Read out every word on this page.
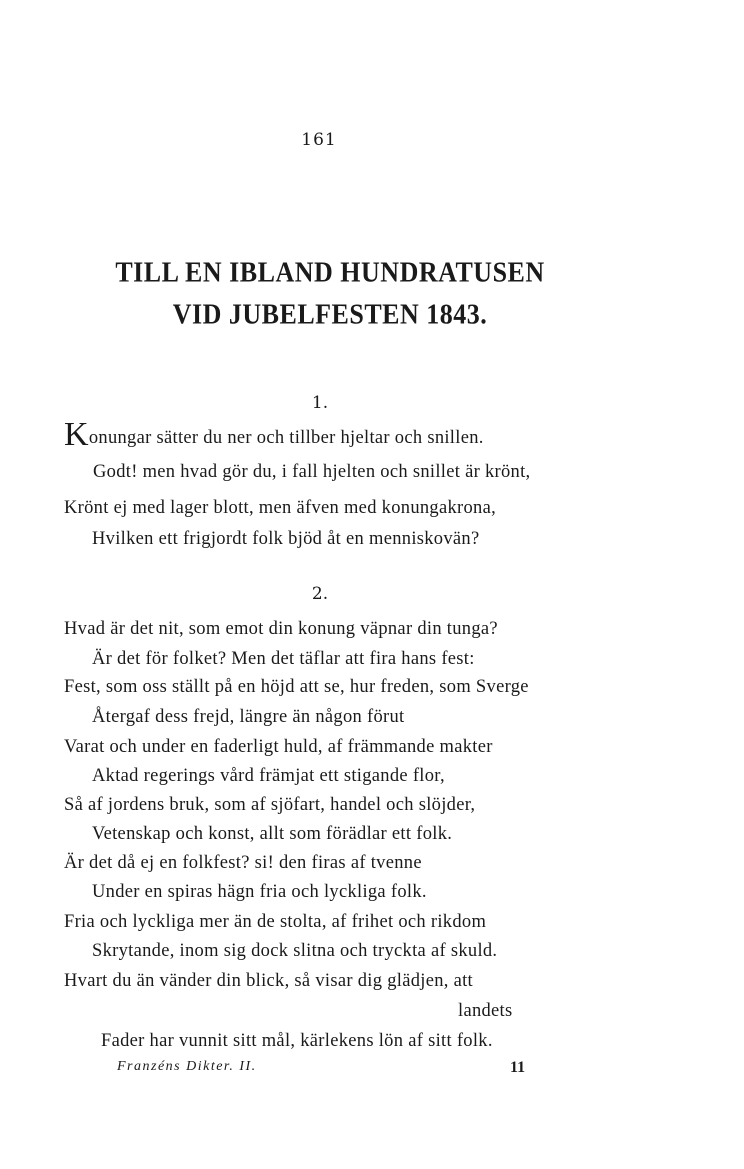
161
TILL EN IBLAND HUNDRATUSEN
VID JUBELFESTEN 1843.
1.
Konungar sätter du ner och tillber hjeltar och snillen.
Godt! men hvad gör du, i fall hjelten och snillet är krönt,
Krönt ej med lager blott, men äfven med konungakrona,
Hvilken ett frigjordt folk bjöd åt en menniskovän?
2.
Hvad är det nit, som emot din konung väpnar din tunga?
Är det för folket? Men det täflar att fira hans fest:
Fest, som oss ställt på en höjd att se, hur freden, som Sverge
Återgaf dess frejd, längre än någon förut
Varat och under en faderligt huld, af främmande makter
Aktad regerings vård främjat ett stigande flor,
Så af jordens bruk, som af sjöfart, handel och slöjder,
Vetenskap och konst, allt som förädlar ett folk.
Är det då ej en folkfest? si! den firas af tvenne
Under en spiras hägn fria och lyckliga folk.
Fria och lyckliga mer än de stolta, af frihet och rikdom
Skrytande, inom sig dock slitna och tryckta af skuld.
Hvart du än vänder din blick, så visar dig glädjen, att
landets
Fader har vunnit sitt mål, kärlekens lön af sitt folk.
Franzéns Dikter. II.	11
